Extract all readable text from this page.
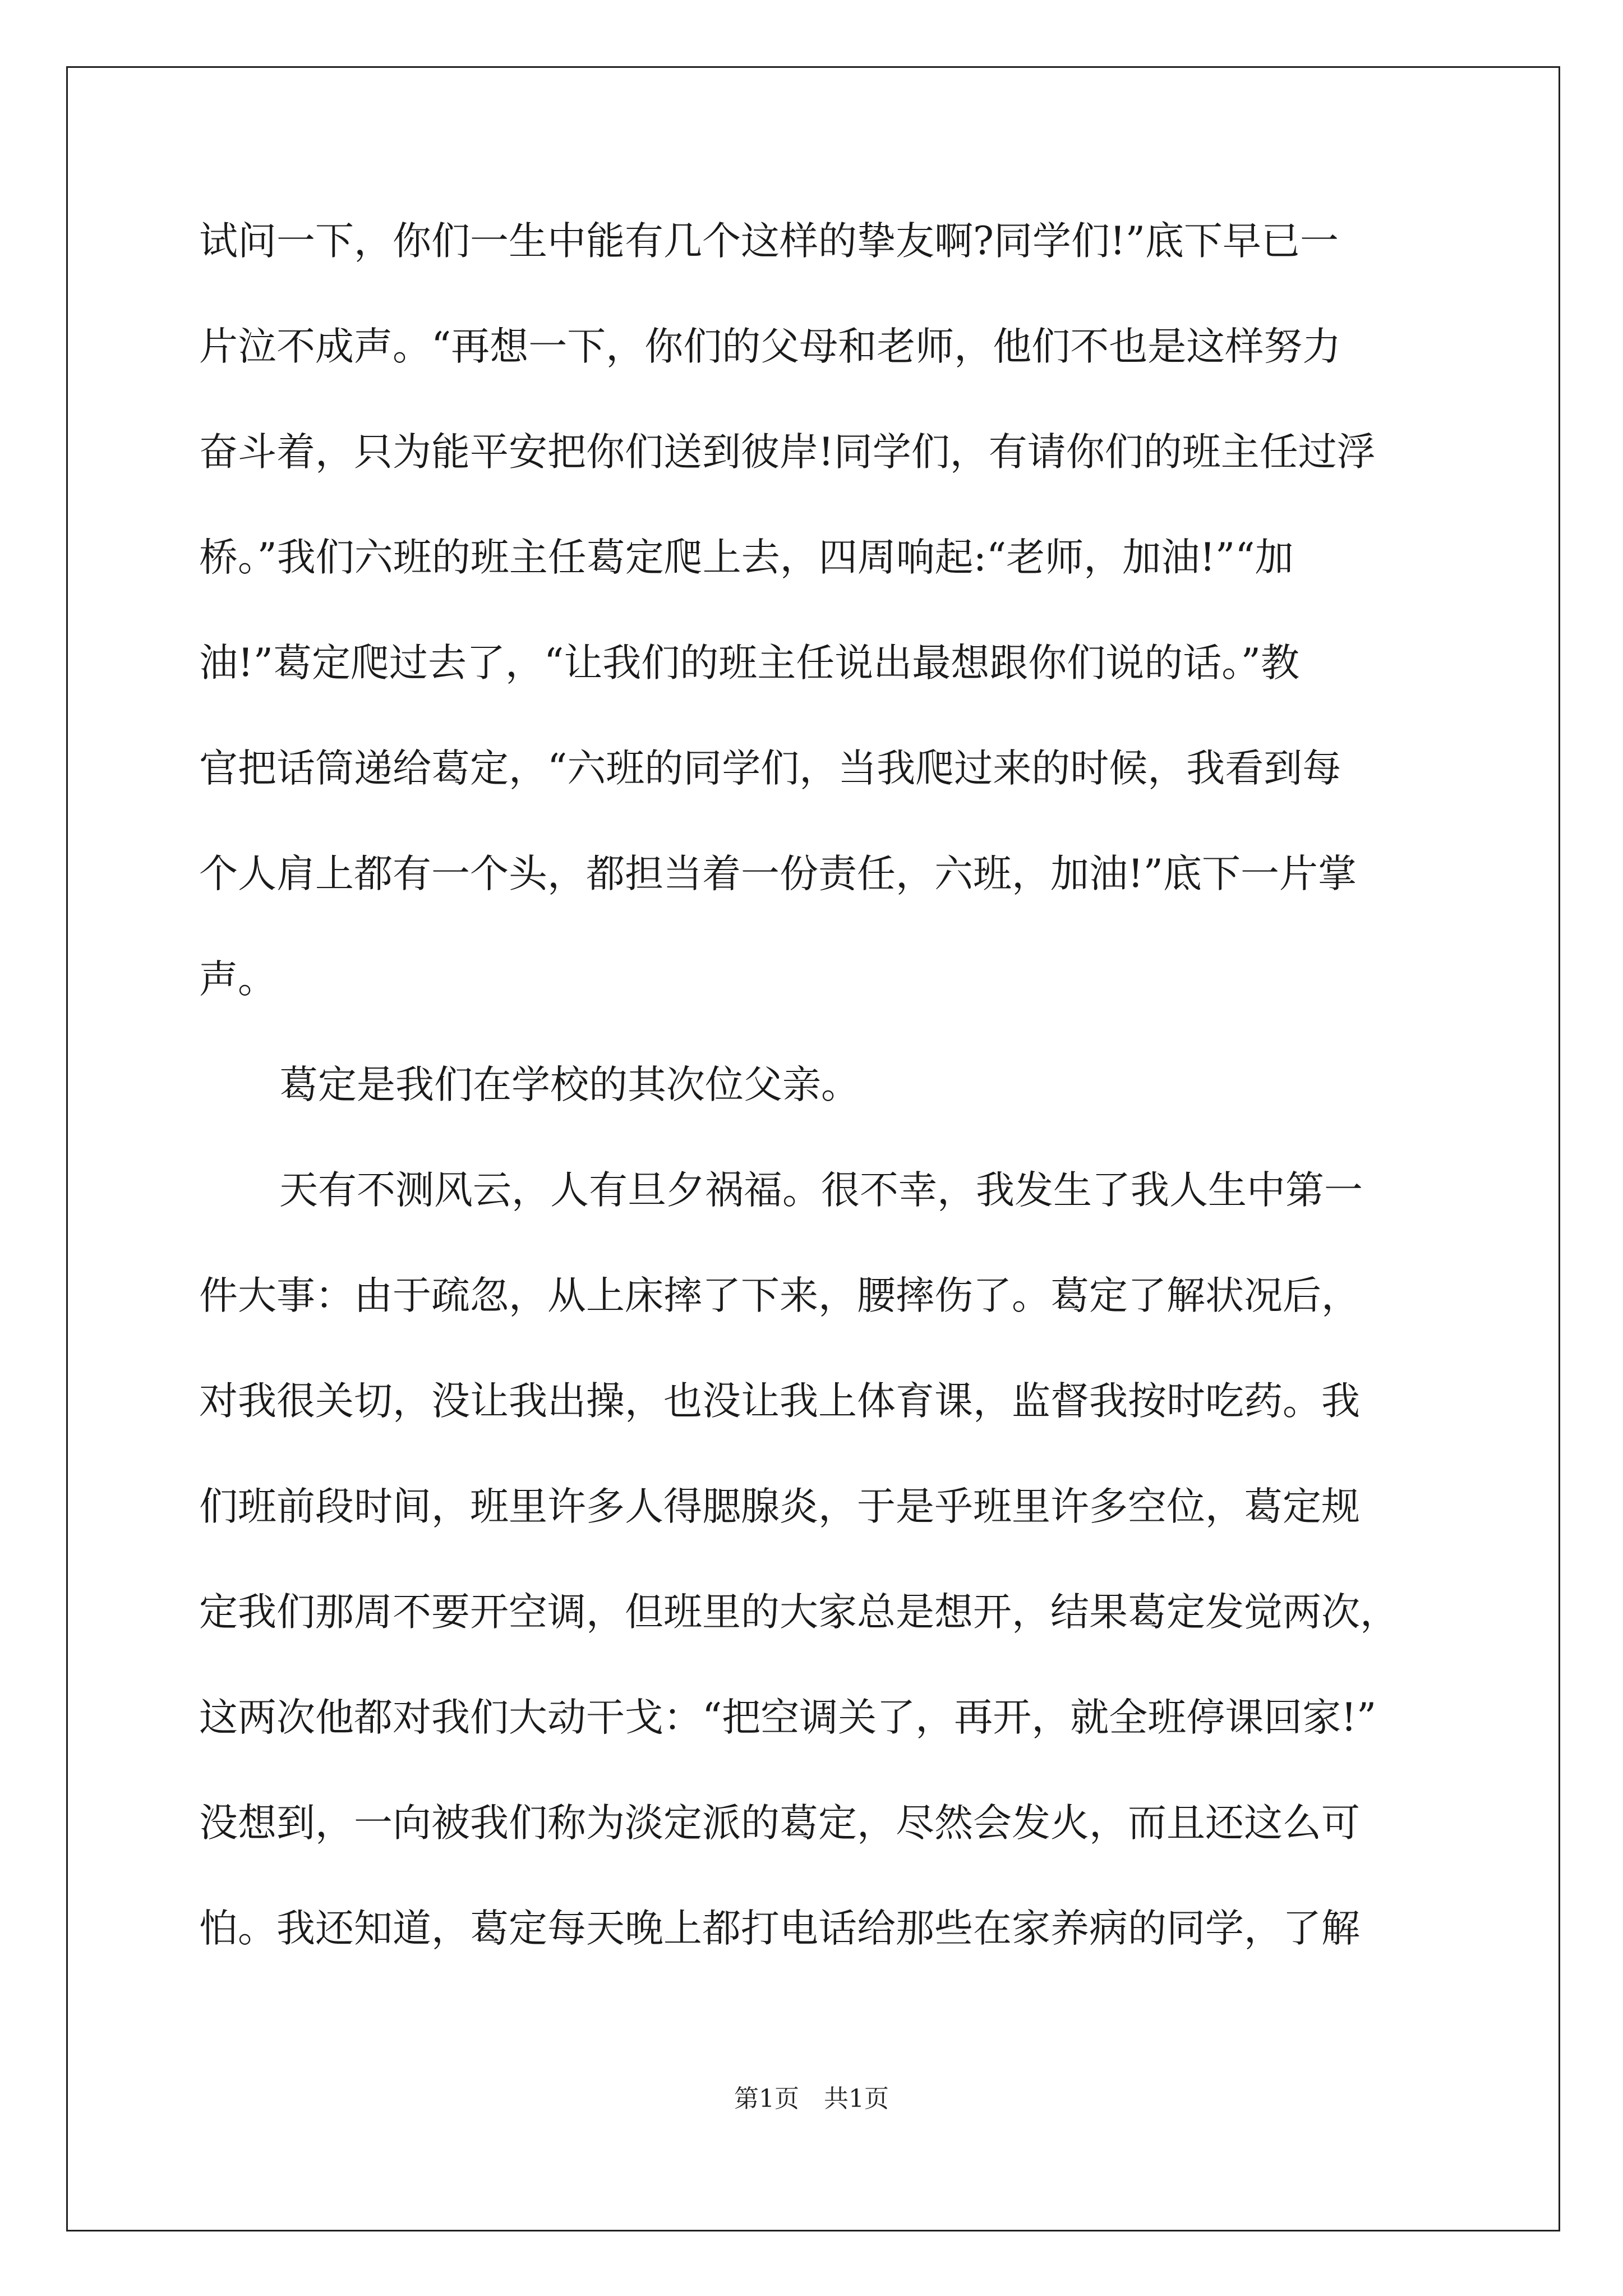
试问一下，你们一生中能有几个这样的挚友啊?同学们!”底下早已一
片泣不成声。“再想一下，你们的父母和老师，他们不也是这样努力
奋斗着，只为能平安把你们送到彼岸!同学们，有请你们的班主任过浮
桥。”我们六班的班主任葛定爬上去，四周响起:“老师，加油!”“加
油!”葛定爬过去了，“让我们的班主任说出最想跟你们说的话。”教
官把话筒递给葛定，“六班的同学们，当我爬过来的时候，我看到每
个人肩上都有一个头，都担当着一份责任，六班，加油!”底下一片掌
声。
葛定是我们在学校的其次位父亲。
天有不测风云，人有旦夕祸福。很不幸，我发生了我人生中第一
件大事：由于疏忽，从上床摔了下来，腰摔伤了。葛定了解状况后，
对我很关切，没让我出操，也没让我上体育课，监督我按时吃药。我
们班前段时间，班里许多人得腮腺炎，于是乎班里许多空位，葛定规
定我们那周不要开空调，但班里的大家总是想开，结果葛定发觉两次，
这两次他都对我们大动干戈：“把空调关了，再开，就全班停课回家!”
没想到，一向被我们称为淡定派的葛定，尽然会发火，而且还这么可
怕。我还知道，葛定每天晚上都打电话给那些在家养病的同学，了解
第1页　共1页
